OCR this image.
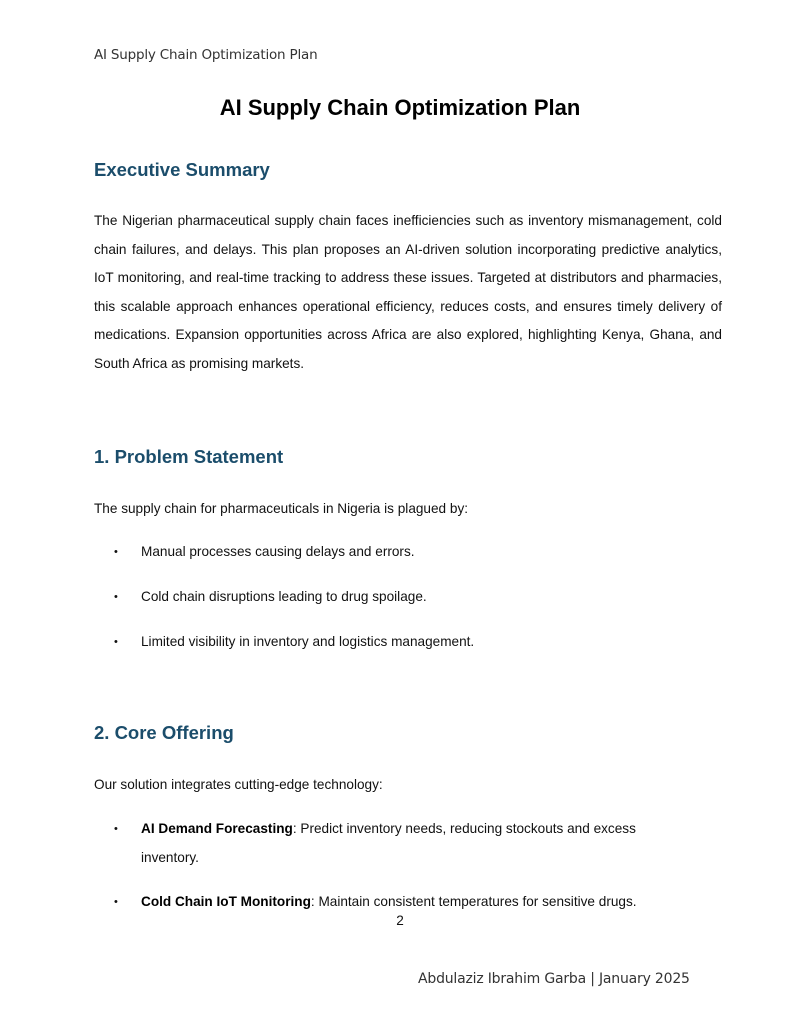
AI Supply Chain Optimization Plan
AI Supply Chain Optimization Plan
Executive Summary

The Nigerian pharmaceutical supply chain faces inefficiencies such as inventory mismanagement, cold chain failures, and delays. This plan proposes an AI-driven solution incorporating predictive analytics, IoT monitoring, and real-time tracking to address these issues. Targeted at distributors and pharmacies, this scalable approach enhances operational efficiency, reduces costs, and ensures timely delivery of medications. Expansion opportunities across Africa are also explored, highlighting Kenya, Ghana, and South Africa as promising markets.

1. Problem Statement

The supply chain for pharmaceuticals in Nigeria is plagued by:

• Manual processes causing delays and errors.
• Cold chain disruptions leading to drug spoilage.
• Limited visibility in inventory and logistics management.
2. Core Offering

Our solution integrates cutting-edge technology:

• AI Demand Forecasting: Predict inventory needs, reducing stockouts and excess inventory.
• Cold Chain IoT Monitoring: Maintain consistent temperatures for sensitive drugs.
2
Abdulaziz Ibrahim Garba | January 2025
